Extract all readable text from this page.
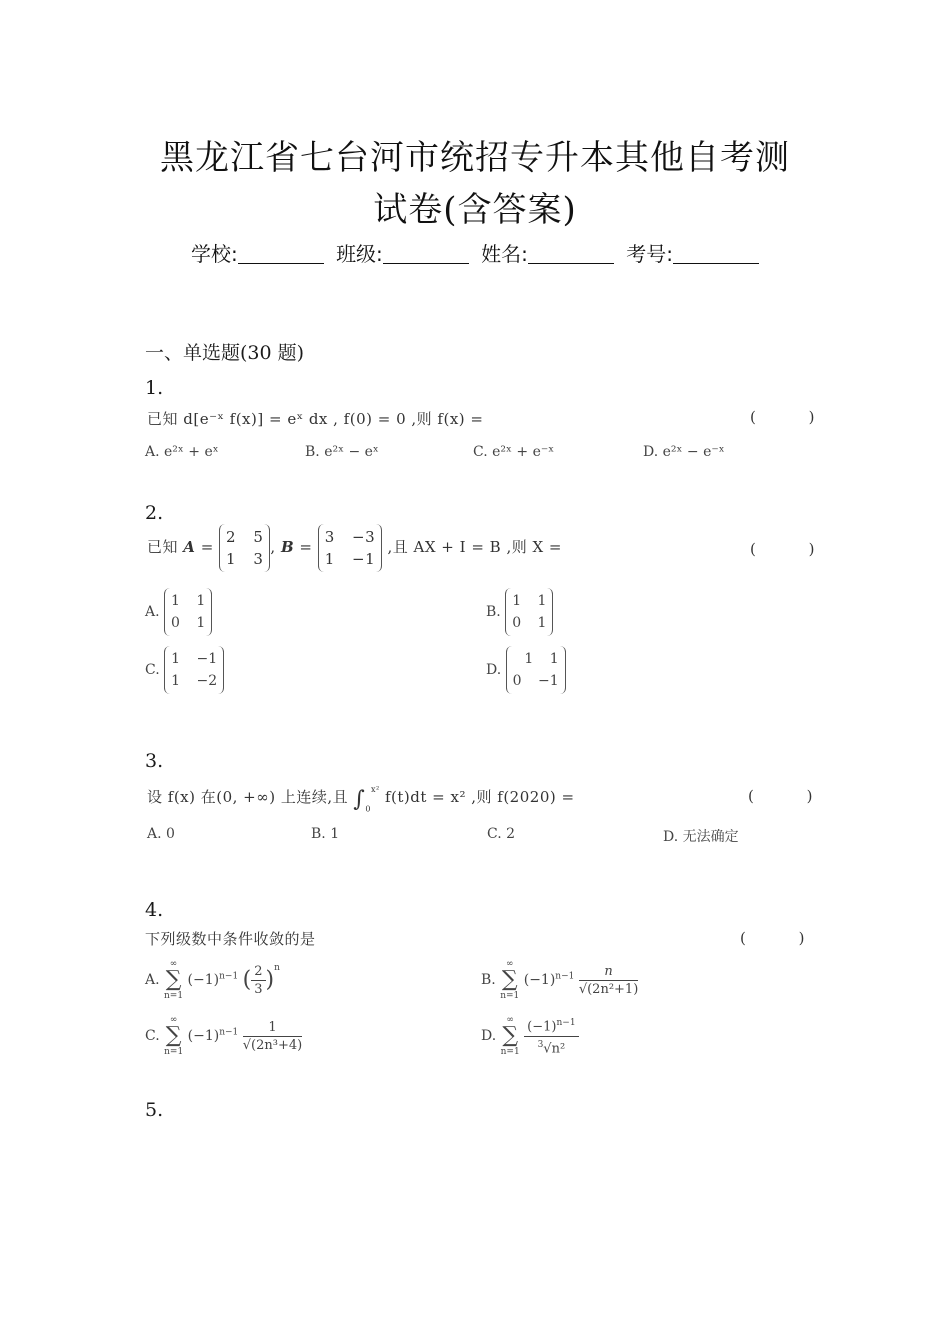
黑龙江省七台河市统招专升本其他自考测
试卷(含答案)
学校:	班级:	姓名:	考号:
一、单选题(30 题)
1.
已知 d[e⁻ˣ f(x)] = eˣ dx , f(0) = 0 ,则 f(x) =	( )
A. e²ˣ + eˣ	B. e²ˣ − eˣ	C. e²ˣ + e⁻ˣ	D. e²ˣ − e⁻ˣ
2.
已知 A =
2 5
1 3
, B =
3 −3
1 −1
,且 AX + I = B ,则 X =	( )
A.
1 1
0 1
B.
1 1
0 1
C.
1 −1
1 −2
D.
1 1
0 −1
3.
设 f(x) 在(0, +∞) 上连续,且 $\int_0^{x^2}$ f(t)dt = x² ,则 f(2020) =	( )
A. 0	B. 1	C. 2	D. 无法确定
4.
下列级数中条件收敛的是	( )
A. ∞
∑
n=1 $(-1)^{n-1}$ ( $\frac{2}{3} )^n$
B. ∞
∑
n=1 $(-1)^{n-1} \frac{n}{\text{√(2n²+1)}}$
C. ∞
∑
n=1 $(-1)^{n-1} \frac{1}{\text{√(2n³+4)}}$	D. ∞
∑
$n=1 \frac{(-1)^{n-1}}{^3√n^2}$
5.
